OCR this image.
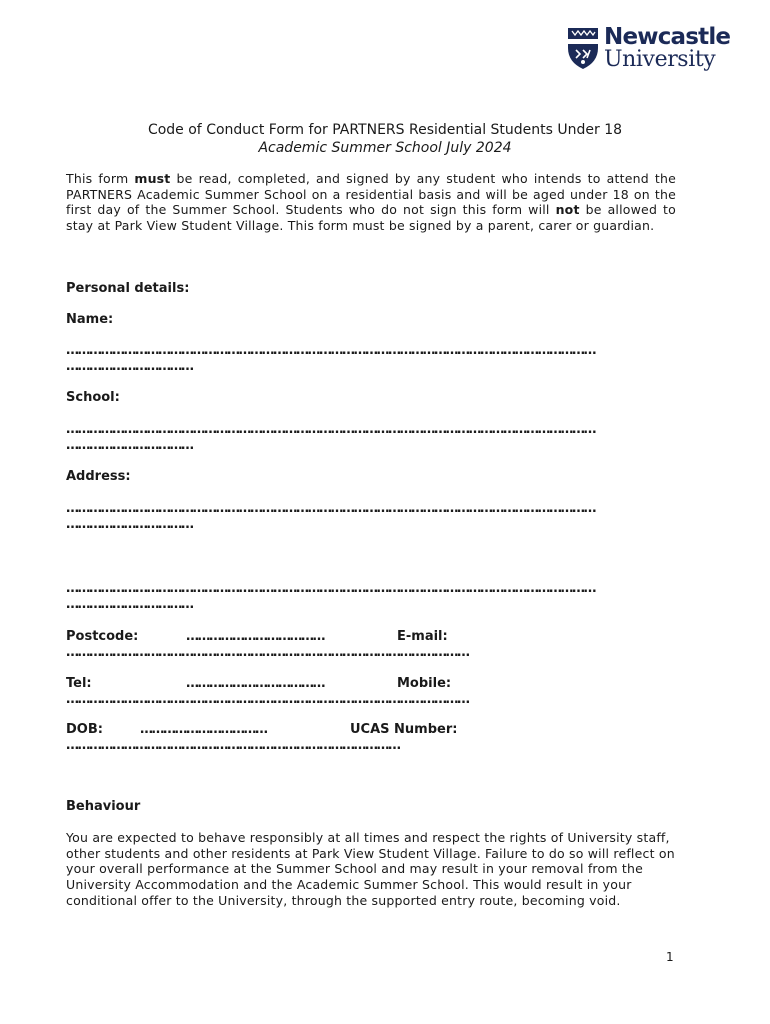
Newcastle
University
Code of Conduct Form for PARTNERS Residential Students Under 18
Academic Summer School July 2024

This form must be read, completed, and signed by any student who intends to attend the PARTNERS Academic Summer School on a residential basis and will be aged under 18 on the first day of the Summer School. Students who do not sign this form will not be allowed to stay at Park View Student Village. This form must be signed by a parent, carer or guardian.

Personal details:
Name:
…………………………………………………………………………………………………………………………
……………………………
School:
…………………………………………………………………………………………………………………………
……………………………
Address:
…………………………………………………………………………………………………………………………
……………………………
…………………………………………………………………………………………………………………………
……………………………
Postcode:	………………………………	E-mail:
……………………………………………………………………………………………
Tel:	………………………………	Mobile:
……………………………………………………………………………………………
DOB:	……………………………	UCAS Number:
……………………………………………………………………………
Behaviour

You are expected to behave responsibly at all times and respect the rights of University staff, other students and other residents at Park View Student Village. Failure to do so will reflect on your overall performance at the Summer School and may result in your removal from the University Accommodation and the Academic Summer School. This would result in your conditional offer to the University, through the supported entry route, becoming void.

1
